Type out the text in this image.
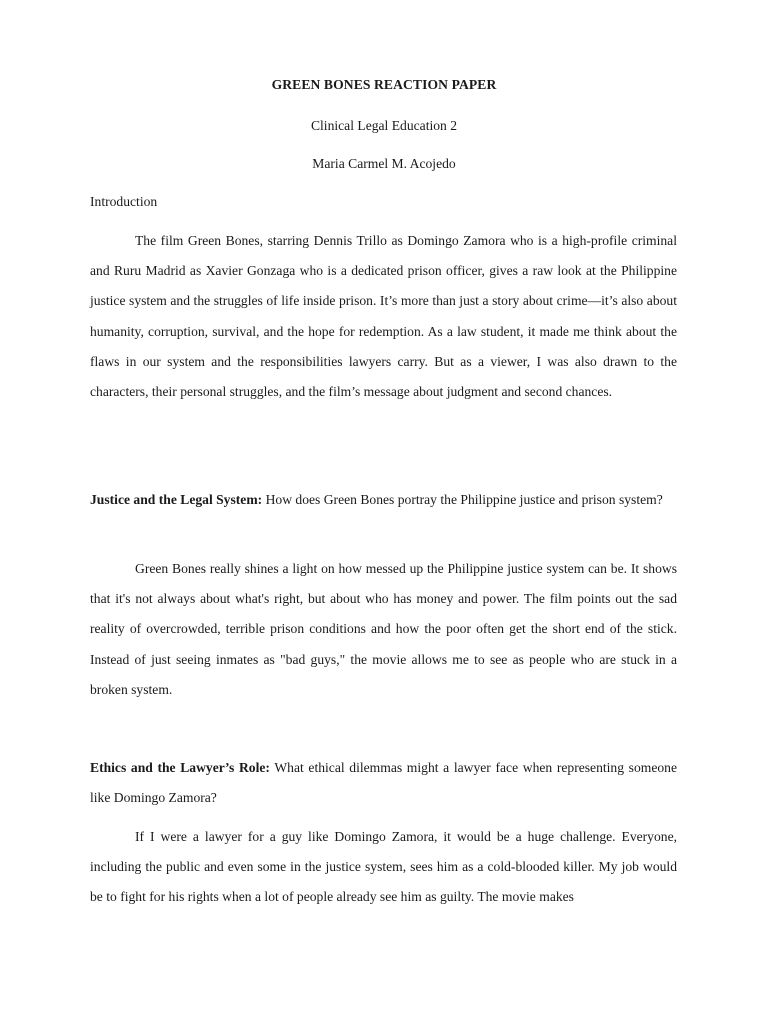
GREEN BONES REACTION PAPER
Clinical Legal Education 2
Maria Carmel M. Acojedo
Introduction
The film Green Bones, starring Dennis Trillo as Domingo Zamora who is a high-profile criminal and Ruru Madrid as Xavier Gonzaga who is a dedicated prison officer, gives a raw look at the Philippine justice system and the struggles of life inside prison. It’s more than just a story about crime—it’s also about humanity, corruption, survival, and the hope for redemption. As a law student, it made me think about the flaws in our system and the responsibilities lawyers carry. But as a viewer, I was also drawn to the characters, their personal struggles, and the film’s message about judgment and second chances.
Justice and the Legal System: How does Green Bones portray the Philippine justice and prison system?
Green Bones really shines a light on how messed up the Philippine justice system can be. It shows that it's not always about what's right, but about who has money and power. The film points out the sad reality of overcrowded, terrible prison conditions and how the poor often get the short end of the stick. Instead of just seeing inmates as "bad guys," the movie allows me to see as people who are stuck in a broken system.
Ethics and the Lawyer’s Role: What ethical dilemmas might a lawyer face when representing someone like Domingo Zamora?
If I were a lawyer for a guy like Domingo Zamora, it would be a huge challenge. Everyone, including the public and even some in the justice system, sees him as a cold-blooded killer. My job would be to fight for his rights when a lot of people already see him as guilty. The movie makes
